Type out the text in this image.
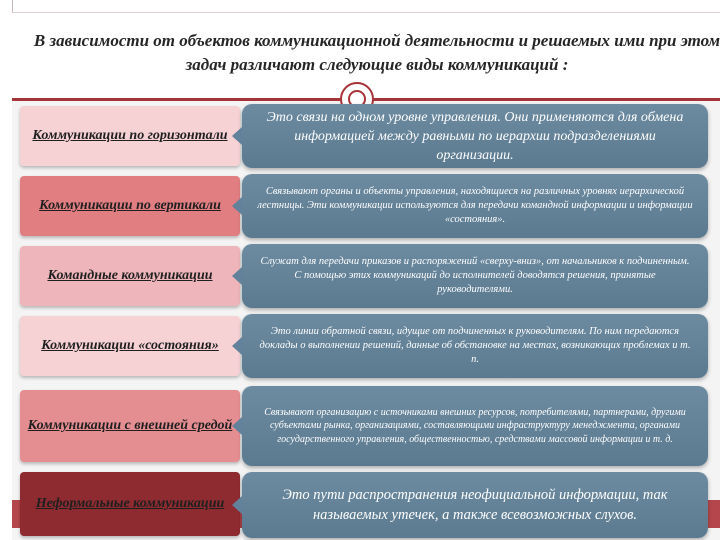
В зависимости от объектов коммуникационной деятельности и решаемых ими при этом задач различают следующие виды коммуникаций :
Коммуникации по горизонтали
Это связи на одном уровне управления. Они применяются для обмена информацией между равными по иерархии подразделениями организации.
Коммуникации по вертикали
Связывают органы и объекты управления, находящиеся на различных уровнях иерархической лестницы. Эти коммуникации используются для передачи командной информации и информации «состояния».
Командные коммуникации
Служат для передачи приказов и распоряжений «сверху-вниз», от начальников к подчиненным. С помощью этих коммуникаций до исполнителей доводятся решения, принятые руководителями.
Коммуникации «состояния»
Это линии обратной связи, идущие от подчиненных к руководителям. По ним передаются доклады о выполнении решений, данные об обстановке на местах, возникающих проблемах и т. п.
Коммуникации с внешней средой
Связывают организацию с источниками внешних ресурсов, потребителями, партнерами, другими субъектами рынка, организациями, составляющими инфраструктуру менеджмента, органами государственного управления, общественностью, средствами массовой информации и т. д.
Неформальные коммуникации
Это пути распространения неофициальной информации, так называемых утечек, а также всевозможных слухов.
